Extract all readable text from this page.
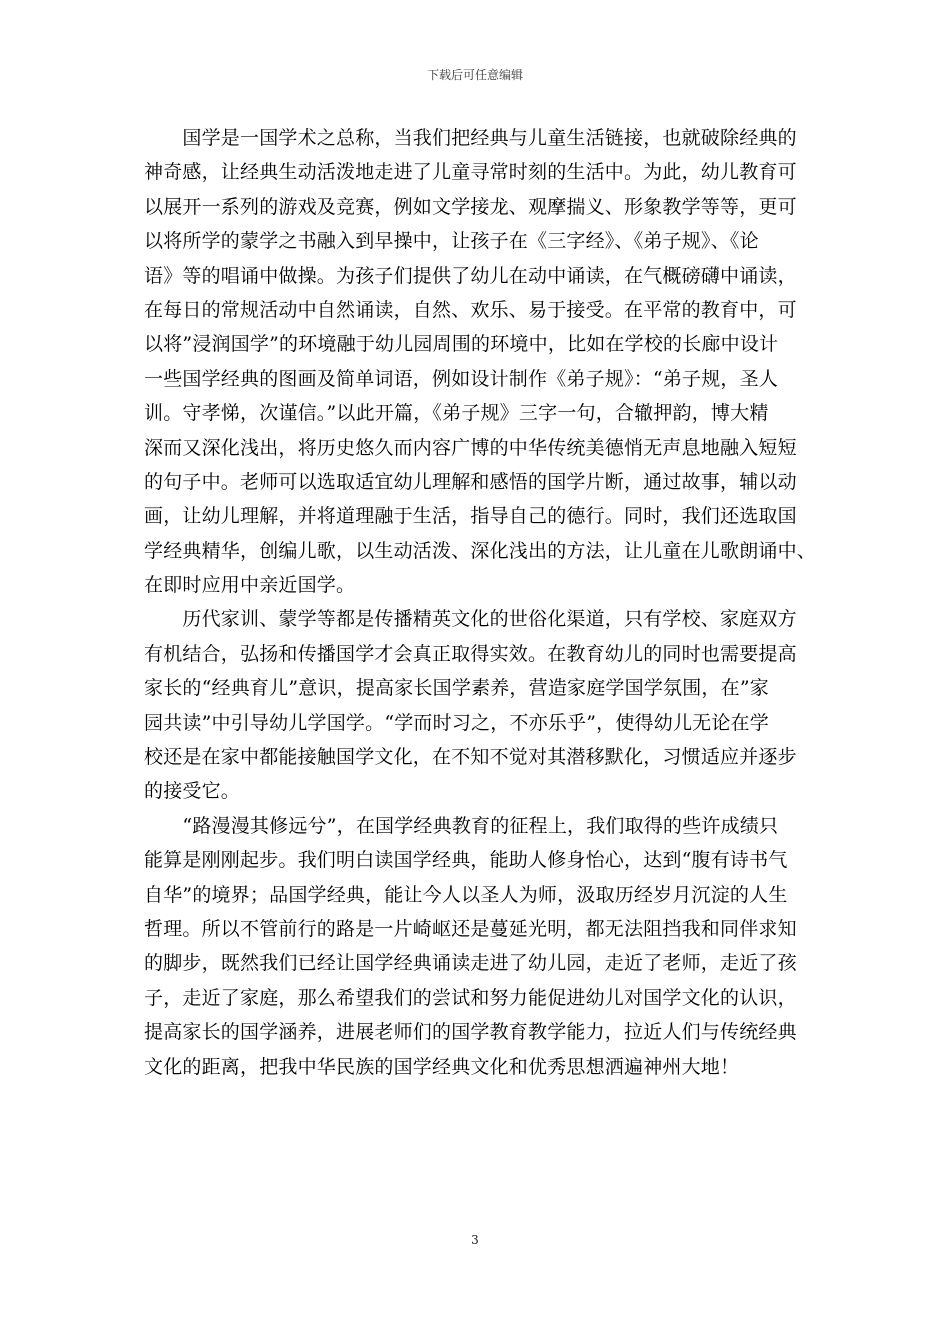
下载后可任意编辑
　　国学是一国学术之总称，当我们把经典与儿童生活链接，也就破除经典的
神奇感，让经典生动活泼地走进了儿童寻常时刻的生活中。为此，幼儿教育可
以展开一系列的游戏及竞赛，例如文学接龙、观摩揣义、形象教学等等，更可
以将所学的蒙学之书融入到早操中，让孩子在《三字经》、《弟子规》、《论
语》等的唱诵中做操。为孩子们提供了幼儿在动中诵读，在气概磅礴中诵读，
在每日的常规活动中自然诵读，自然、欢乐、易于接受。在平常的教育中，可
以将”浸润国学”的环境融于幼儿园周围的环境中，比如在学校的长廊中设计
一些国学经典的图画及简单词语，例如设计制作《弟子规》：“弟子规，圣人
训。守孝悌，次谨信。”以此开篇，《弟子规》三字一句，合辙押韵，博大精
深而又深化浅出，将历史悠久而内容广博的中华传统美德悄无声息地融入短短
的句子中。老师可以选取适宜幼儿理解和感悟的国学片断，通过故事，辅以动
画，让幼儿理解，并将道理融于生活，指导自己的德行。同时，我们还选取国
学经典精华，创编儿歌，以生动活泼、深化浅出的方法，让儿童在儿歌朗诵中、
在即时应用中亲近国学。
　　历代家训、蒙学等都是传播精英文化的世俗化渠道，只有学校、家庭双方
有机结合，弘扬和传播国学才会真正取得实效。在教育幼儿的同时也需要提高
家长的“经典育儿”意识，提高家长国学素养，营造家庭学国学氛围，在”家
园共读”中引导幼儿学国学。“学而时习之，不亦乐乎”，使得幼儿无论在学
校还是在家中都能接触国学文化，在不知不觉对其潜移默化，习惯适应并逐步
的接受它。
　　“路漫漫其修远兮”，在国学经典教育的征程上，我们取得的些许成绩只
能算是刚刚起步。我们明白读国学经典，能助人修身怡心，达到“腹有诗书气
自华”的境界；品国学经典，能让今人以圣人为师，汲取历经岁月沉淀的人生
哲理。所以不管前行的路是一片崎岖还是蔓延光明，都无法阻挡我和同伴求知
的脚步，既然我们已经让国学经典诵读走进了幼儿园，走近了老师，走近了孩
子，走近了家庭，那么希望我们的尝试和努力能促进幼儿对国学文化的认识，
提高家长的国学涵养，进展老师们的国学教育教学能力，拉近人们与传统经典
文化的距离，把我中华民族的国学经典文化和优秀思想洒遍神州大地！
3
